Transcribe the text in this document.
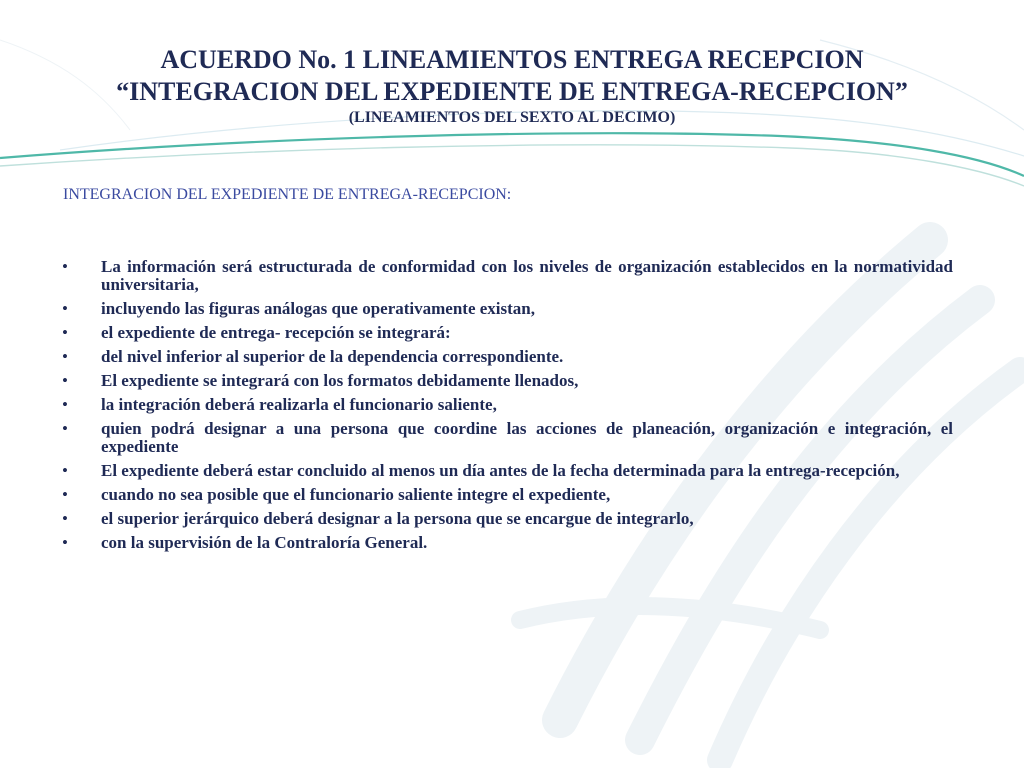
ACUERDO No. 1 LINEAMIENTOS ENTREGA RECEPCION
“INTEGRACION DEL EXPEDIENTE DE ENTREGA-RECEPCION”
(LINEAMIENTOS DEL SEXTO AL DECIMO)
INTEGRACION DEL EXPEDIENTE DE ENTREGA-RECEPCION:
• La información será estructurada de conformidad con los niveles de organización establecidos en la normatividad universitaria,
• incluyendo las figuras análogas que operativamente existan,
• el expediente de entrega- recepción se integrará:
• del nivel inferior al superior de la dependencia correspondiente.
• El expediente se integrará con los formatos debidamente llenados,
• la integración deberá realizarla el funcionario saliente,
• quien podrá designar a una persona que coordine las acciones de planeación, organización e integración, el expediente
• El expediente deberá estar concluido al menos un día antes de la fecha determinada para la entrega-recepción,
• cuando no sea posible que el funcionario saliente integre el expediente,
• el superior jerárquico deberá designar a la persona que se encargue de integrarlo,
• con la supervisión de la Contraloría General.
